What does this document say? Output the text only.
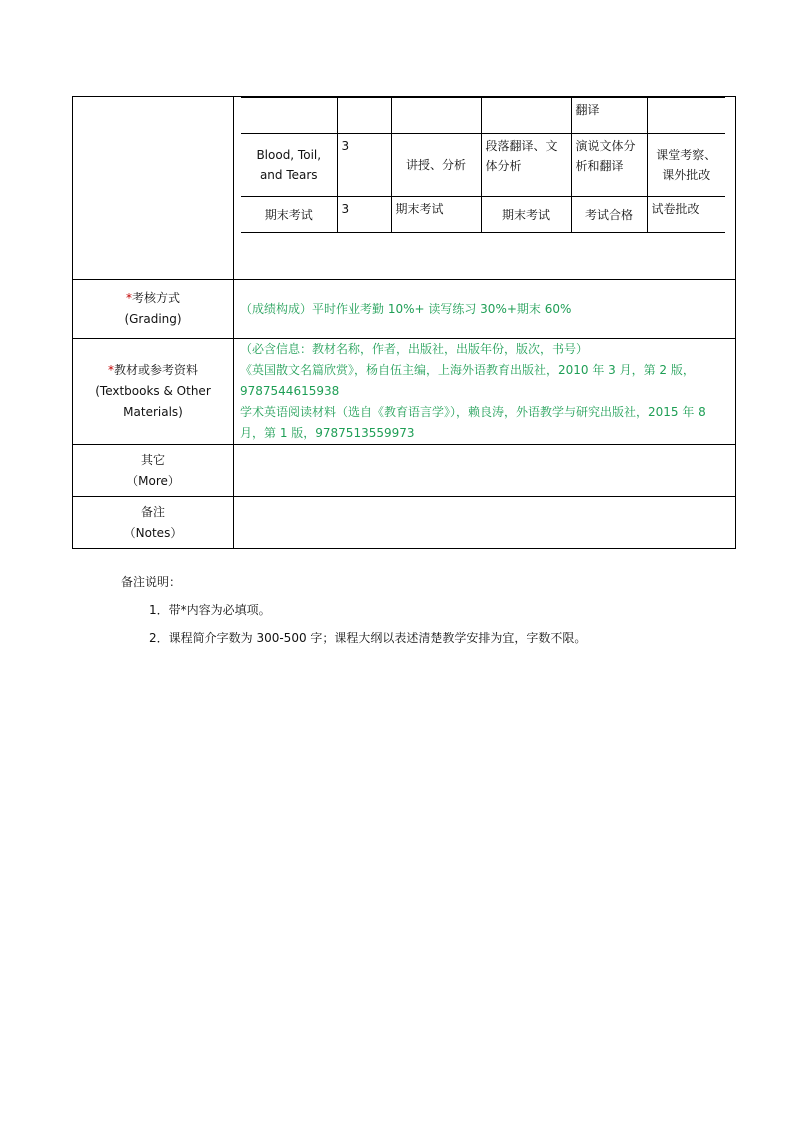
				翻译	
Blood, Toil, and Tears	3	讲授、分析	段落翻译、文体分析	演说文体分析和翻译	课堂考察、课外批改
期末考试	3	期末考试	期末考试	考试合格	试卷批改

*考核方式
(Grading)	（成绩构成）平时作业考勤 10%+ 读写练习 30%+期末 60%
*教材或参考资料
(Textbooks & Other
Materials)	
（必含信息：教材名称，作者，出版社，出版年份，版次，书号）
《英国散文名篇欣赏》，杨自伍主编，上海外语教育出版社，2010 年 3 月，第 2 版，9787544615938
学术英语阅读材料（选自《教育语言学》），赖良涛，外语教学与研究出版社，2015 年 8 月，第 1 版，9787513559973

其它
（More）	
备注
（Notes）	
备注说明：
1．带*内容为必填项。
2．课程简介字数为 300-500 字；课程大纲以表述清楚教学安排为宜，字数不限。
